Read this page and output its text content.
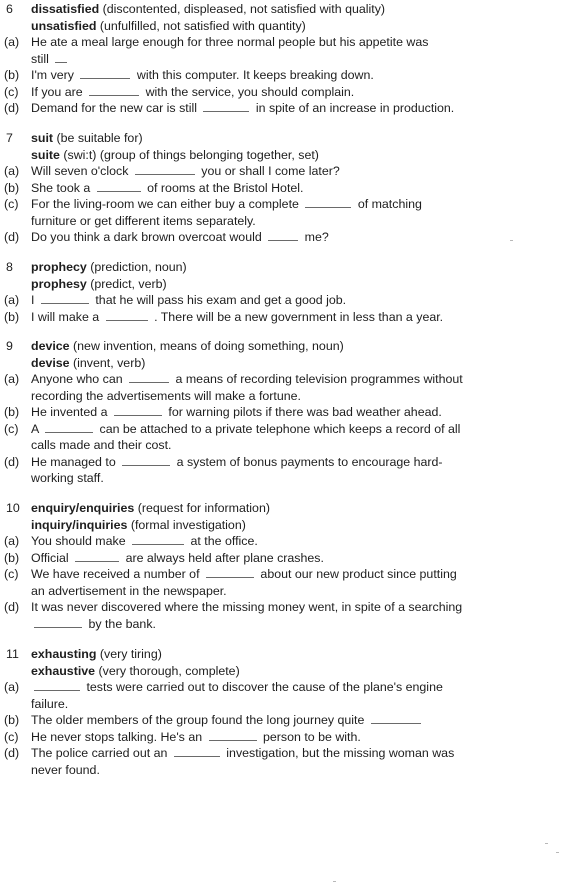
6 dissatisfied (discontented, displeased, not satisfied with quality)
unsatisfied (unfulfilled, not satisfied with quantity)
(a) He ate a meal large enough for three normal people but his appetite was
still
(b) I'm very	with this computer. It keeps breaking down.
(c) If you are	with the service, you should complain.
(d) Demand for the new car is still	in spite of an increase in production.
7 suit (be suitable for)
suite (swi:t) (group of things belonging together, set)
(a) Will seven o'clock	you or shall I come later?
(b) She took a	of rooms at the Bristol Hotel.
(c) For the living-room we can either buy a complete	of matching
furniture or get different items separately.
(d) Do you think a dark brown overcoat would	me?
8 prophecy (prediction, noun)
prophesy (predict, verb)
(a) I	that he will pass his exam and get a good job.
(b) I will make a	. There will be a new government in less than a year.
9 device (new invention, means of doing something, noun)
devise (invent, verb)
(a) Anyone who can	a means of recording television programmes without
recording the advertisements will make a fortune.
(b) He invented a	for warning pilots if there was bad weather ahead.
(c) A	can be attached to a private telephone which keeps a record of all
calls made and their cost.
(d) He managed to	a system of bonus payments to encourage hard-
working staff.
10 enquiry/enquiries (request for information)
inquiry/inquiries (formal investigation)
(a) You should make	at the office.
(b) Official	are always held after plane crashes.
(c) We have received a number of	about our new product since putting
an advertisement in the newspaper.
(d) It was never discovered where the missing money went, in spite of a searching
by the bank.
11 exhausting (very tiring)
exhaustive (very thorough, complete)
(a)	tests were carried out to discover the cause of the plane's engine
failure.
(b) The older members of the group found the long journey quite
(c) He never stops talking. He's an	person to be with.
(d) The police carried out an	investigation, but the missing woman was
never found.
